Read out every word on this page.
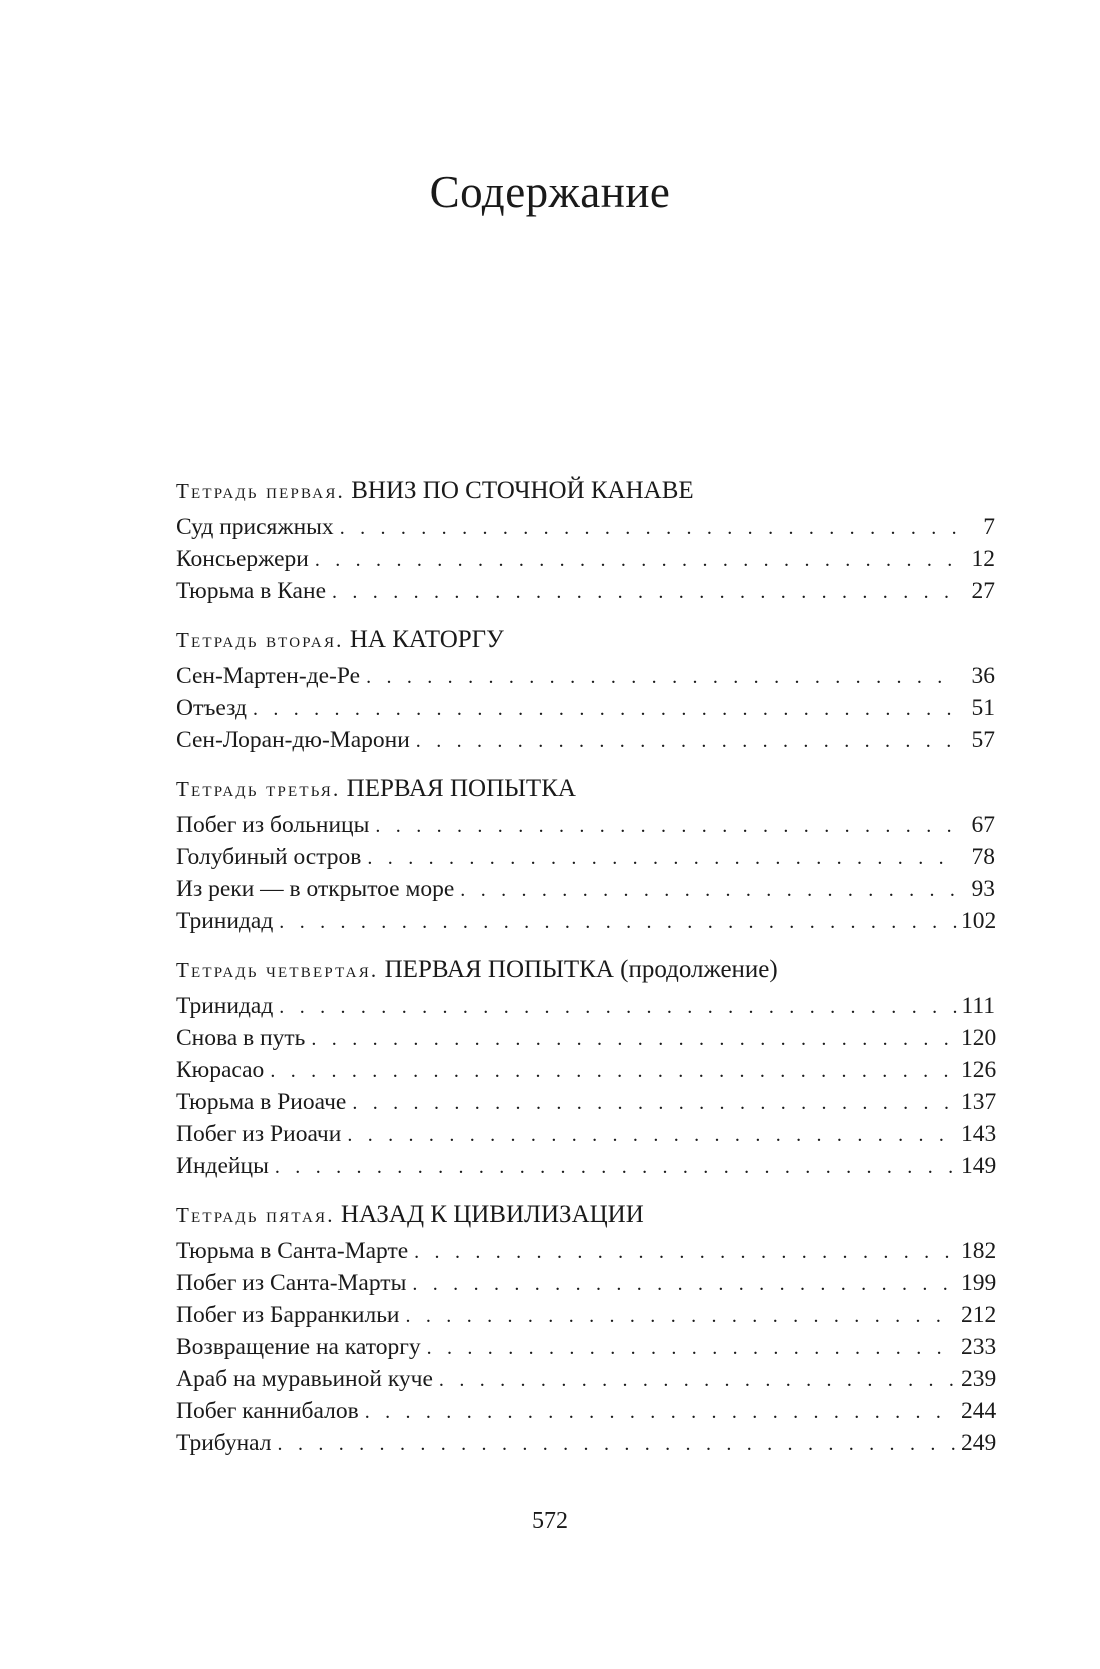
Содержание
Тетрадь первая. ВНИЗ ПО СТОЧНОЙ КАНАВЕ
Суд присяжных . . .	7
Консьержери . . .	12
Тюрьма в Кане . . .	27
Тетрадь вторая. НА КАТОРГУ
Сен-Мартен-де-Ре . . .	36
Отъезд . . .	51
Сен-Лоран-дю-Марони . . .	57
Тетрадь третья. ПЕРВАЯ ПОПЫТКА
Побег из больницы . . .	67
Голубиный остров . . .	78
Из реки — в открытое море . . .	93
Тринидад . . .	102
Тетрадь четвертая. ПЕРВАЯ ПОПЫТКА (продолжение)
Тринидад . . .	111
Снова в путь . . .	120
Кюрасао . . .	126
Тюрьма в Риоаче . . .	137
Побег из Риоачи . . .	143
Индейцы . . .	149
Тетрадь пятая. НАЗАД К ЦИВИЛИЗАЦИИ
Тюрьма в Санта-Марте . . .	182
Побег из Санта-Марты . . .	199
Побег из Барранкильи . . .	212
Возвращение на каторгу . . .	233
Араб на муравьиной куче . . .	239
Побег каннибалов . . .	244
Трибунал . . .	249
572
